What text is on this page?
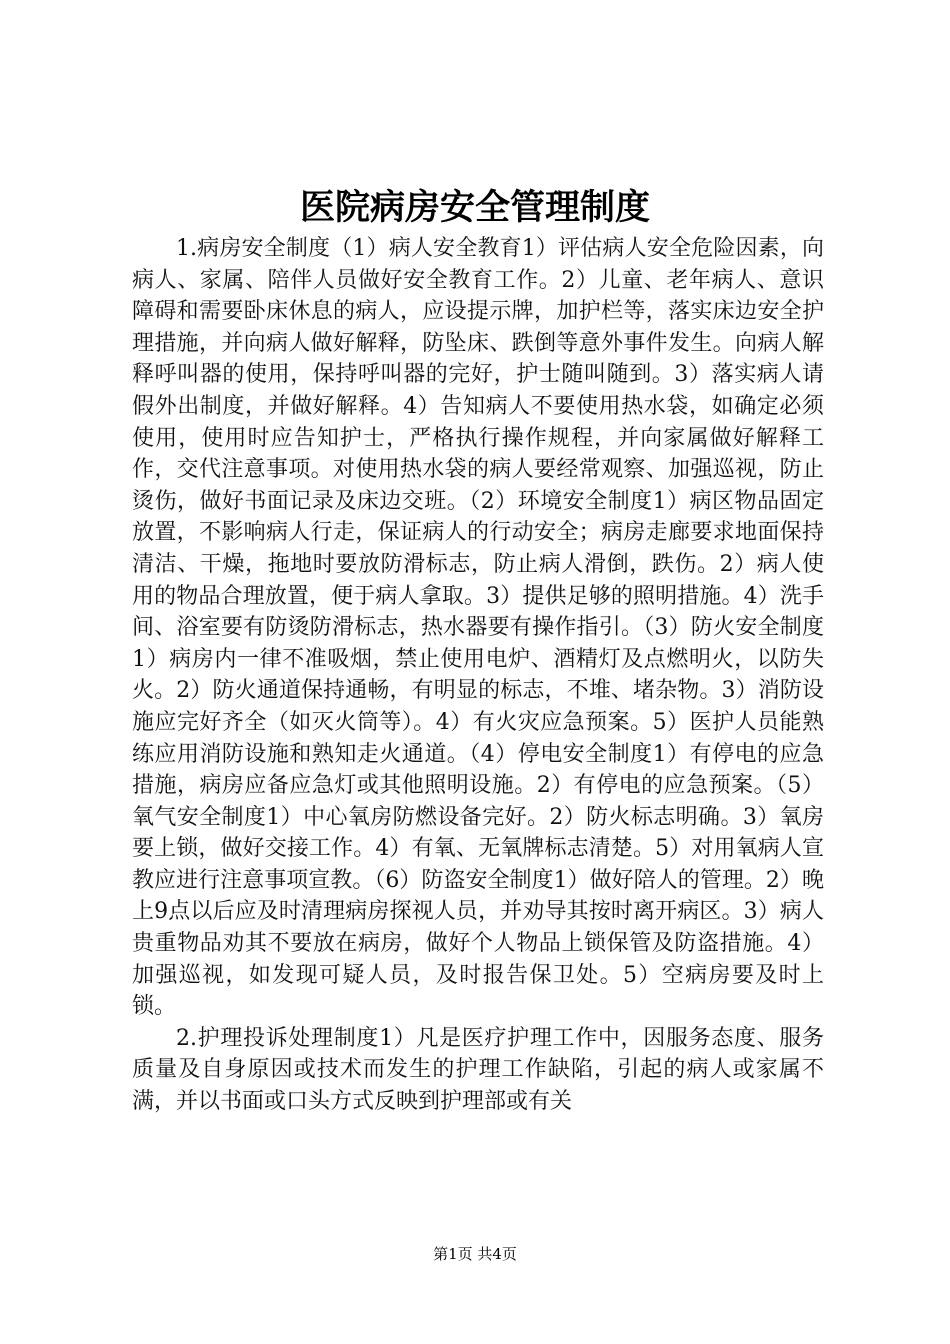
医院病房安全管理制度

1.病房安全制度（1）病人安全教育1）评估病人安全危险因素，向病人、家属、陪伴人员做好安全教育工作。2）儿童、老年病人、意识障碍和需要卧床休息的病人，应设提示牌，加护栏等，落实床边安全护理措施，并向病人做好解释，防坠床、跌倒等意外事件发生。向病人解释呼叫器的使用，保持呼叫器的完好，护士随叫随到。3）落实病人请假外出制度，并做好解释。4）告知病人不要使用热水袋，如确定必须使用，使用时应告知护士，严格执行操作规程，并向家属做好解释工作，交代注意事项。对使用热水袋的病人要经常观察、加强巡视，防止烫伤，做好书面记录及床边交班。（2）环境安全制度1）病区物品固定放置，不影响病人行走，保证病人的行动安全；病房走廊要求地面保持清洁、干燥，拖地时要放防滑标志，防止病人滑倒，跌伤。2）病人使用的物品合理放置，便于病人拿取。3）提供足够的照明措施。4）洗手间、浴室要有防烫防滑标志，热水器要有操作指引。（3）防火安全制度1）病房内一律不准吸烟，禁止使用电炉、酒精灯及点燃明火，以防失火。2）防火通道保持通畅，有明显的标志，不堆、堵杂物。3）消防设施应完好齐全（如灭火筒等）。4）有火灾应急预案。5）医护人员能熟练应用消防设施和熟知走火通道。（4）停电安全制度1）有停电的应急措施，病房应备应急灯或其他照明设施。2）有停电的应急预案。（5）氧气安全制度1）中心氧房防燃设备完好。2）防火标志明确。3）氧房要上锁，做好交接工作。4）有氧、无氧牌标志清楚。5）对用氧病人宣教应进行注意事项宣教。（6）防盗安全制度1）做好陪人的管理。2）晚上9点以后应及时清理病房探视人员，并劝导其按时离开病区。3）病人贵重物品劝其不要放在病房，做好个人物品上锁保管及防盗措施。4）加强巡视，如发现可疑人员，及时报告保卫处。5）空病房要及时上锁。

2.护理投诉处理制度1）凡是医疗护理工作中，因服务态度、服务质量及自身原因或技术而发生的护理工作缺陷，引起的病人或家属不满，并以书面或口头方式反映到护理部或有关

第1页 共4页
